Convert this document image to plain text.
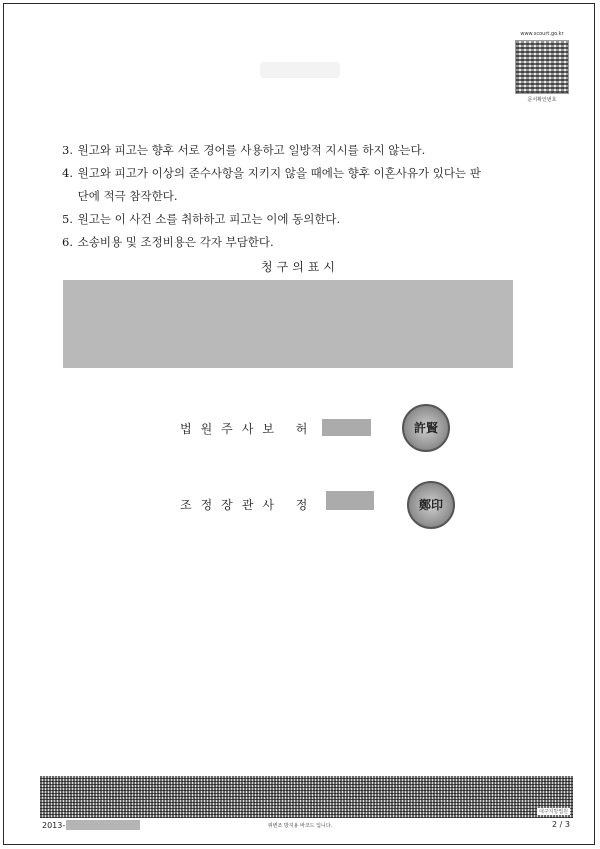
www.scourt.go.kr
문서확인번호
3. 원고와 피고는 향후 서로 경어를 사용하고 일방적 지시를 하지 않는다.
4. 원고와 피고가 이상의 준수사항을 지키지 않을 때에는 향후 이혼사유가 있다는 판
단에 적극 참작한다.
5. 원고는 이 사건 소를 취하하고 피고는 이에 동의한다.
6. 소송비용 및 조정비용은 각자 부담한다.
청구의표시
법원주사보 허	許賢
조정장관사 정	鄭印
대구지방법원
2013-	위변조 방지용 바코드 입니다.	2 / 3
